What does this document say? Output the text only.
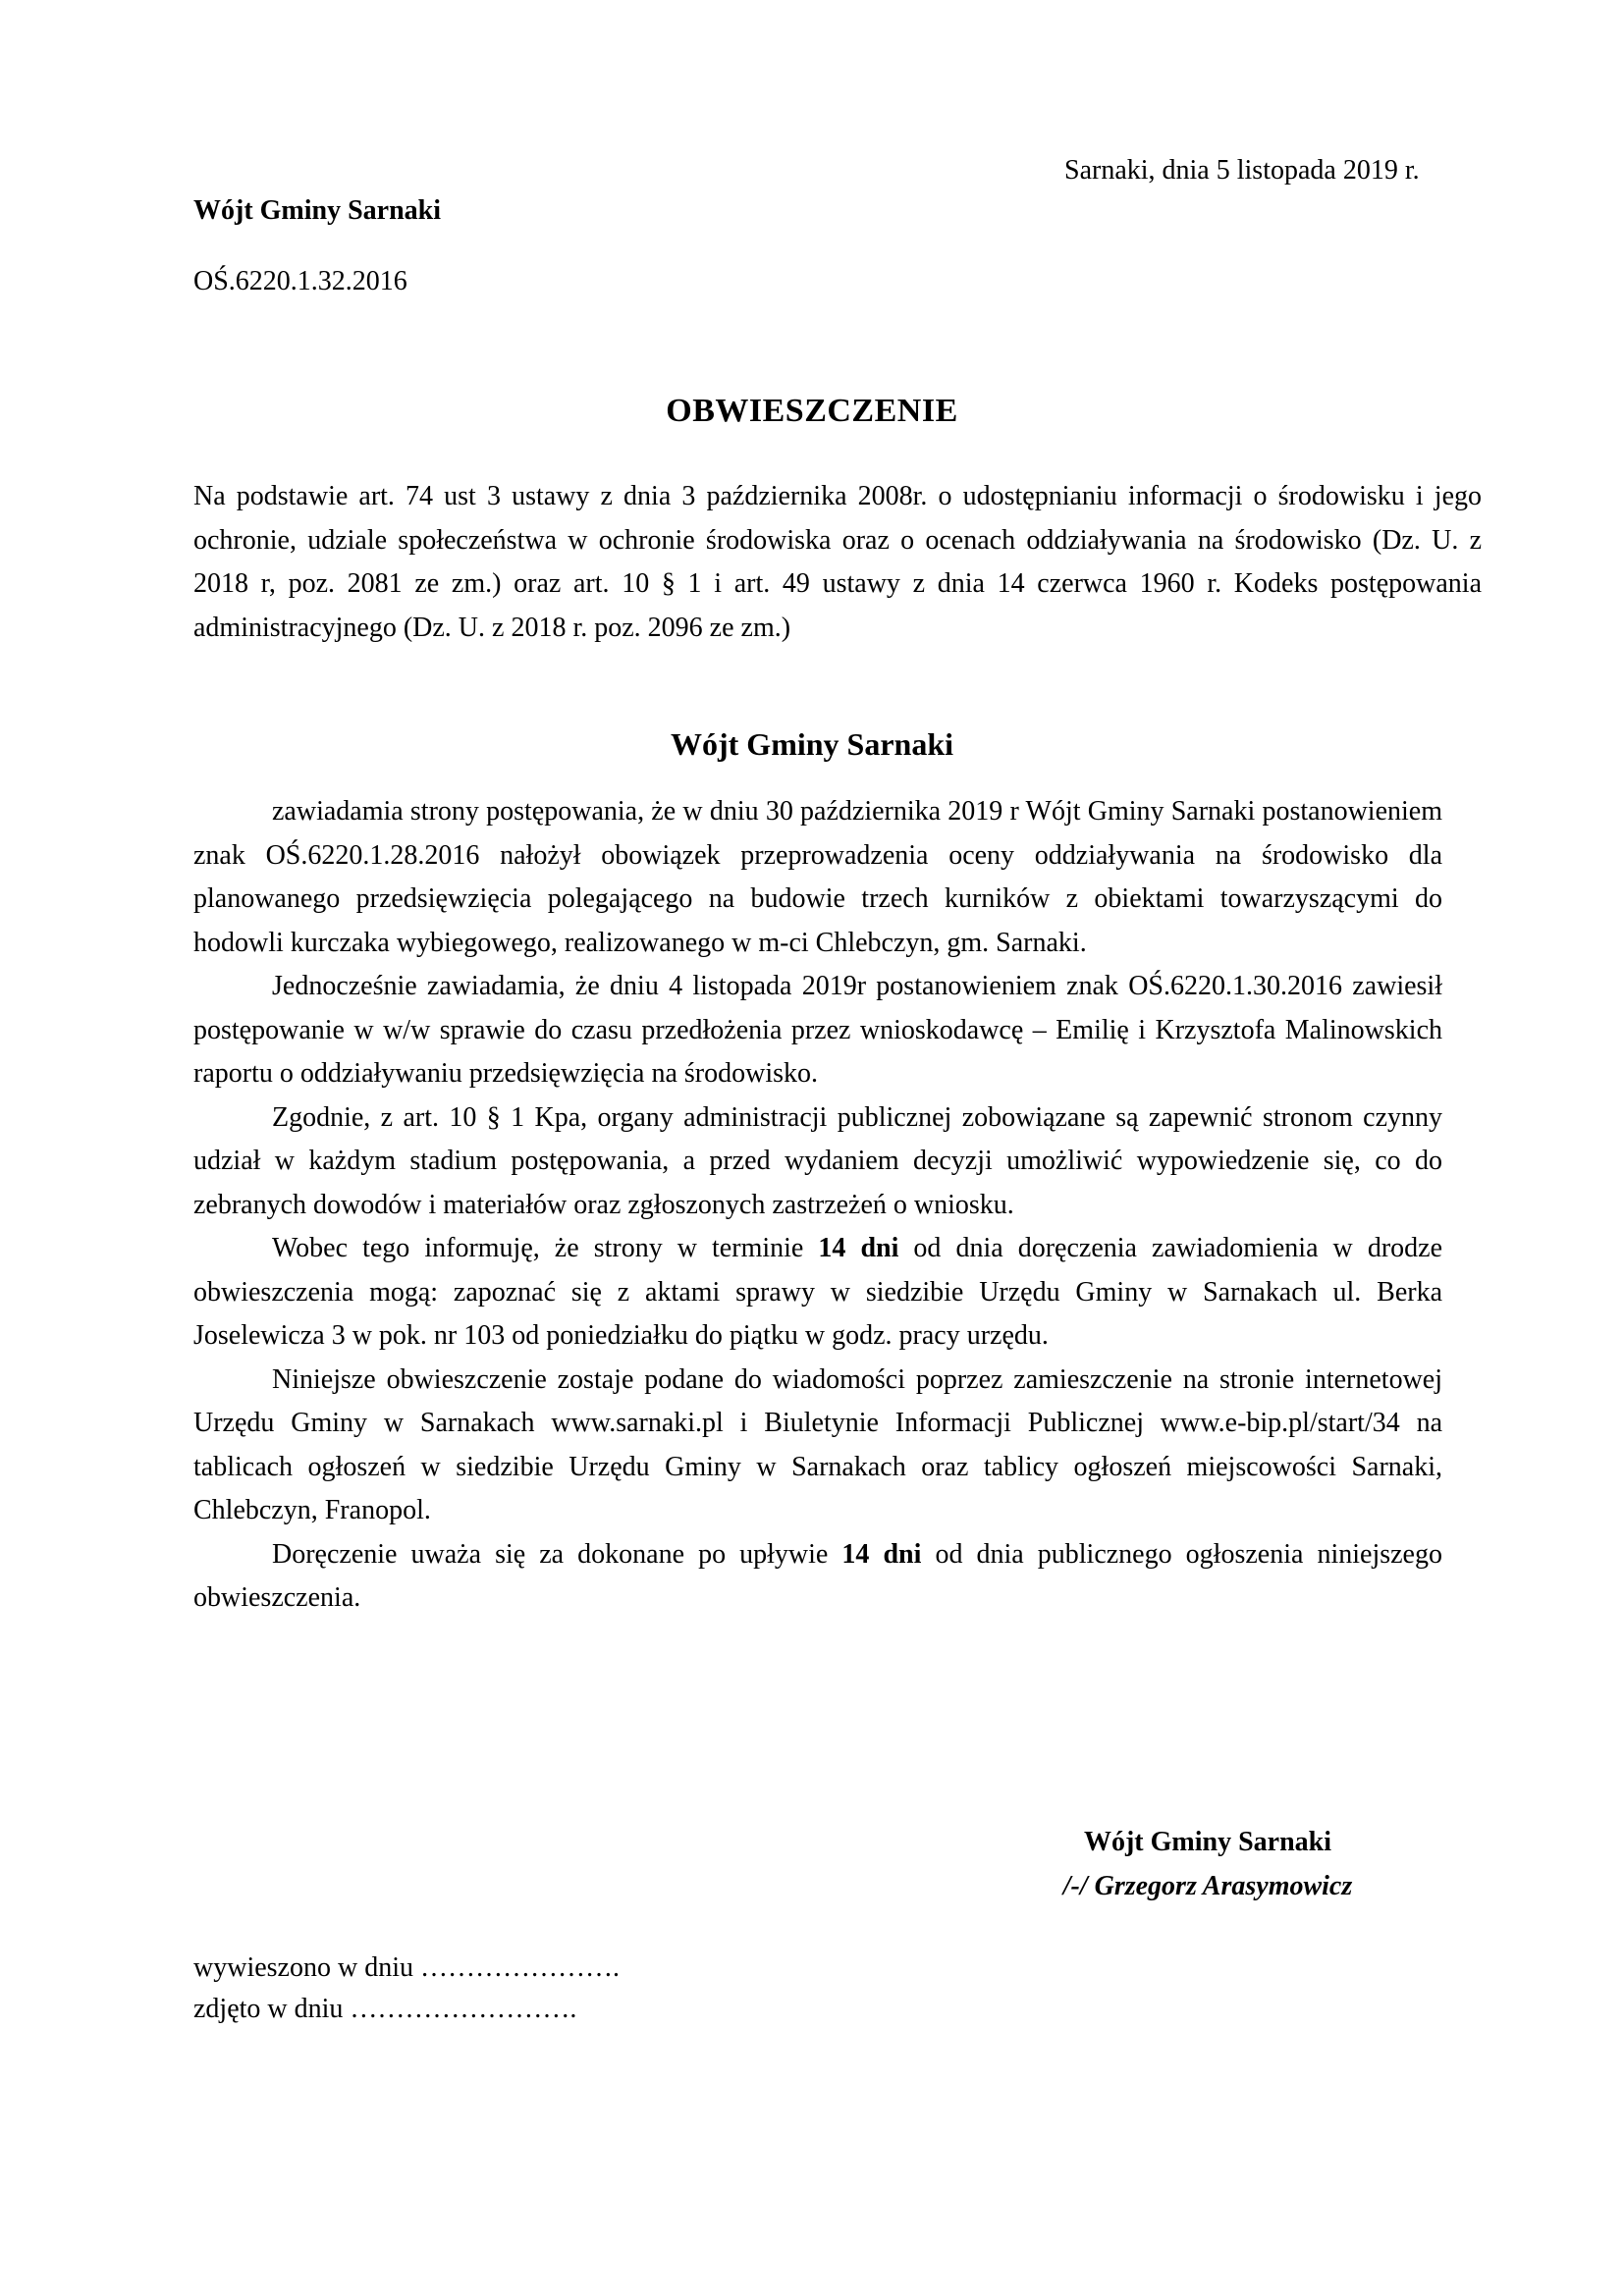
Sarnaki, dnia 5 listopada 2019 r.
Wójt Gminy Sarnaki
OŚ.6220.1.32.2016
OBWIESZCZENIE
Na podstawie art. 74 ust 3 ustawy z dnia 3 października 2008r. o udostępnianiu informacji o środowisku i jego ochronie, udziale społeczeństwa w ochronie środowiska oraz o ocenach oddziaływania na środowisko (Dz. U. z 2018 r, poz. 2081 ze zm.) oraz art. 10 § 1 i art. 49 ustawy z dnia 14 czerwca 1960 r. Kodeks postępowania administracyjnego (Dz. U. z 2018 r. poz. 2096 ze zm.)
Wójt Gminy Sarnaki

zawiadamia strony postępowania, że w dniu 30 października 2019 r Wójt Gminy Sarnaki postanowieniem znak OŚ.6220.1.28.2016 nałożył obowiązek przeprowadzenia oceny oddziaływania na środowisko dla planowanego przedsięwzięcia polegającego na budowie trzech kurników z obiektami towarzyszącymi do hodowli kurczaka wybiegowego, realizowanego w m-ci Chlebczyn, gm. Sarnaki.

Jednocześnie zawiadamia, że dniu 4 listopada 2019r postanowieniem znak OŚ.6220.1.30.2016 zawiesił postępowanie w w/w sprawie do czasu przedłożenia przez wnioskodawcę – Emilię i Krzysztofa Malinowskich raportu o oddziaływaniu przedsięwzięcia na środowisko.

Zgodnie, z art. 10 § 1 Kpa, organy administracji publicznej zobowiązane są zapewnić stronom czynny udział w każdym stadium postępowania, a przed wydaniem decyzji umożliwić wypowiedzenie się, co do zebranych dowodów i materiałów oraz zgłoszonych zastrzeżeń o wniosku.

Wobec tego informuję, że strony w terminie 14 dni od dnia doręczenia zawiadomienia w drodze obwieszczenia mogą: zapoznać się z aktami sprawy w siedzibie Urzędu Gminy w Sarnakach ul. Berka Joselewicza 3 w pok. nr 103 od poniedziałku do piątku w godz. pracy urzędu.

Niniejsze obwieszczenie zostaje podane do wiadomości poprzez zamieszczenie na stronie internetowej Urzędu Gminy w Sarnakach www.sarnaki.pl i Biuletynie Informacji Publicznej www.e-bip.pl/start/34 na tablicach ogłoszeń w siedzibie Urzędu Gminy w Sarnakach oraz tablicy ogłoszeń miejscowości Sarnaki, Chlebczyn, Franopol.

Doręczenie uważa się za dokonane po upływie 14 dni od dnia publicznego ogłoszenia niniejszego obwieszczenia.

Wójt Gminy Sarnaki
/-/ Grzegorz Arasymowicz
wywieszono w dniu ………………….
zdjęto w dniu …………………….
